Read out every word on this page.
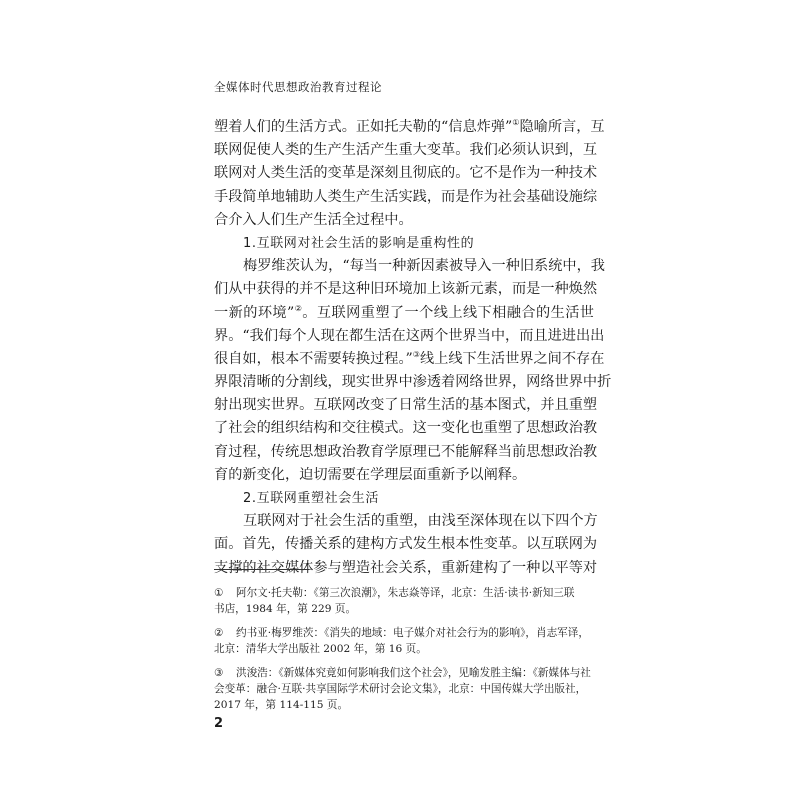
全媒体时代思想政治教育过程论
塑着人们的生活方式。正如托夫勒的“信息炸弹”①隐喻所言，互
联网促使人类的生产生活产生重大变革。我们必须认识到，互
联网对人类生活的变革是深刻且彻底的。它不是作为一种技术
手段简单地辅助人类生产生活实践，而是作为社会基础设施综
合介入人们生产生活全过程中。
1.互联网对社会生活的影响是重构性的
梅罗维茨认为，“每当一种新因素被导入一种旧系统中，我
们从中获得的并不是这种旧环境加上该新元素，而是一种焕然
一新的环境”②。互联网重塑了一个线上线下相融合的生活世
界。“我们每个人现在都生活在这两个世界当中，而且进进出出
很自如，根本不需要转换过程。”③线上线下生活世界之间不存在
界限清晰的分割线，现实世界中渗透着网络世界，网络世界中折
射出现实世界。互联网改变了日常生活的基本图式，并且重塑
了社会的组织结构和交往模式。这一变化也重塑了思想政治教
育过程，传统思想政治教育学原理已不能解释当前思想政治教
育的新变化，迫切需要在学理层面重新予以阐释。
2.互联网重塑社会生活
互联网对于社会生活的重塑，由浅至深体现在以下四个方
面。首先，传播关系的建构方式发生根本性变革。以互联网为
支撑的社交媒体参与塑造社会关系，重新建构了一种以平等对
① 阿尔文·托夫勒：《第三次浪潮》，朱志焱等译，北京：生活·读书·新知三联
书店，1984 年，第 229 页。
② 约书亚·梅罗维茨：《消失的地域：电子媒介对社会行为的影响》，肖志军译，
北京：清华大学出版社 2002 年，第 16 页。
③ 洪浚浩：《新媒体究竟如何影响我们这个社会》，见喻发胜主编：《新媒体与社
会变革：融合·互联·共享国际学术研讨会论文集》，北京：中国传媒大学出版社，
2017 年，第 114-115 页。
2
